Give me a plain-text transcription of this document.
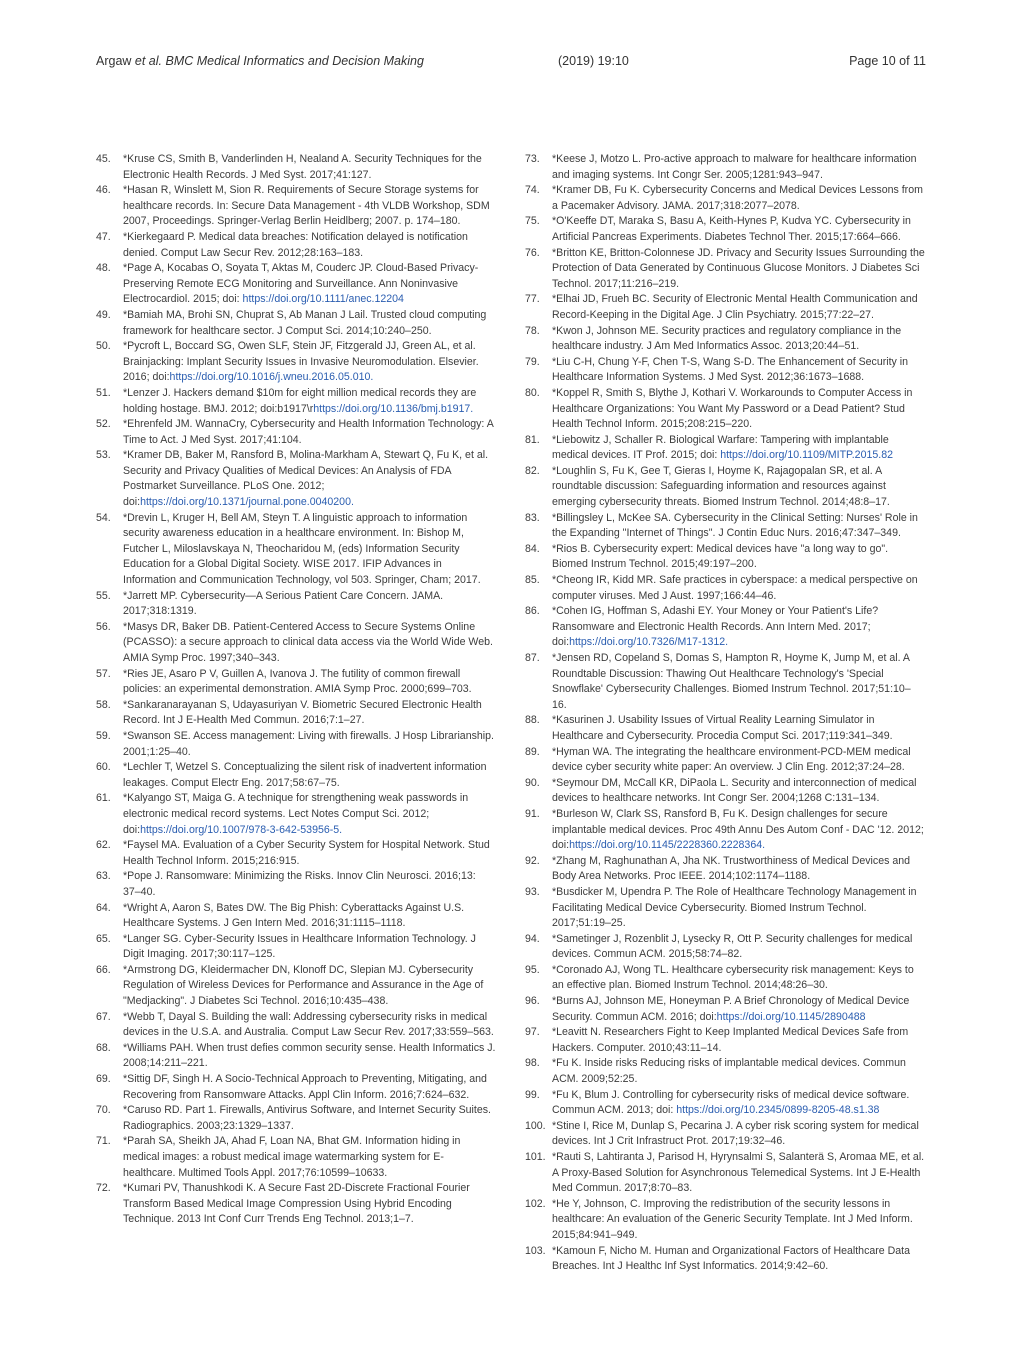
Argaw et al. BMC Medical Informatics and Decision Making	(2019) 19:10	Page 10 of 11
45.	*Kruse CS, Smith B, Vanderlinden H, Nealand A. Security Techniques for the Electronic Health Records. J Med Syst. 2017;41:127.
46.	*Hasan R, Winslett M, Sion R. Requirements of Secure Storage systems for healthcare records. In: Secure Data Management - 4th VLDB Workshop, SDM 2007, Proceedings. Springer-Verlag Berlin Heidlberg; 2007. p. 174–180.
47.	*Kierkegaard P. Medical data breaches: Notification delayed is notification denied. Comput Law Secur Rev. 2012;28:163–183.
48.	*Page A, Kocabas O, Soyata T, Aktas M, Couderc JP. Cloud-Based Privacy-Preserving Remote ECG Monitoring and Surveillance. Ann Noninvasive Electrocardiol. 2015; doi: https://doi.org/10.1111/anec.12204
49.	*Bamiah MA, Brohi SN, Chuprat S, Ab Manan J Lail. Trusted cloud computing framework for healthcare sector. J Comput Sci. 2014;10:240–250.
50.	*Pycroft L, Boccard SG, Owen SLF, Stein JF, Fitzgerald JJ, Green AL, et al. Brainjacking: Implant Security Issues in Invasive Neuromodulation. Elsevier. 2016; doi:https://doi.org/10.1016/j.wneu.2016.05.010.
51.	*Lenzer J. Hackers demand $10m for eight million medical records they are holding hostage. BMJ. 2012; doi:b1917\rhttps://doi.org/10.1136/bmj.b1917.
52.	*Ehrenfeld JM. WannaCry, Cybersecurity and Health Information Technology: A Time to Act. J Med Syst. 2017;41:104.
53.	*Kramer DB, Baker M, Ransford B, Molina-Markham A, Stewart Q, Fu K, et al. Security and Privacy Qualities of Medical Devices: An Analysis of FDA Postmarket Surveillance. PLoS One. 2012; doi:https://doi.org/10.1371/journal.pone.0040200.
54.	*Drevin L, Kruger H, Bell AM, Steyn T. A linguistic approach to information security awareness education in a healthcare environment. In: Bishop M, Futcher L, Miloslavskaya N, Theocharidou M, (eds) Information Security Education for a Global Digital Society. WISE 2017. IFIP Advances in Information and Communication Technology, vol 503. Springer, Cham; 2017.
55.	*Jarrett MP. Cybersecurity—A Serious Patient Care Concern. JAMA. 2017;318:1319.
56.	*Masys DR, Baker DB. Patient-Centered Access to Secure Systems Online (PCASSO): a secure approach to clinical data access via the World Wide Web. AMIA Symp Proc. 1997;340–343.
57.	*Ries JE, Asaro P V, Guillen A, Ivanova J. The futility of common firewall policies: an experimental demonstration. AMIA Symp Proc. 2000;699–703.
58.	*Sankaranarayanan S, Udayasuriyan V. Biometric Secured Electronic Health Record. Int J E-Health Med Commun. 2016;7:1–27.
59.	*Swanson SE. Access management: Living with firewalls. J Hosp Librarianship. 2001;1:25–40.
60.	*Lechler T, Wetzel S. Conceptualizing the silent risk of inadvertent information leakages. Comput Electr Eng. 2017;58:67–75.
61.	*Kalyango ST, Maiga G. A technique for strengthening weak passwords in electronic medical record systems. Lect Notes Comput Sci. 2012; doi:https://doi.org/10.1007/978-3-642-53956-5.
62.	*Faysel MA. Evaluation of a Cyber Security System for Hospital Network. Stud Health Technol Inform. 2015;216:915.
63.	*Pope J. Ransomware: Minimizing the Risks. Innov Clin Neurosci. 2016;13: 37–40.
64.	*Wright A, Aaron S, Bates DW. The Big Phish: Cyberattacks Against U.S. Healthcare Systems. J Gen Intern Med. 2016;31:1115–1118.
65.	*Langer SG. Cyber-Security Issues in Healthcare Information Technology. J Digit Imaging. 2017;30:117–125.
66.	*Armstrong DG, Kleidermacher DN, Klonoff DC, Slepian MJ. Cybersecurity Regulation of Wireless Devices for Performance and Assurance in the Age of "Medjacking". J Diabetes Sci Technol. 2016;10:435–438.
67.	*Webb T, Dayal S. Building the wall: Addressing cybersecurity risks in medical devices in the U.S.A. and Australia. Comput Law Secur Rev. 2017;33:559–563.
68.	*Williams PAH. When trust defies common security sense. Health Informatics J. 2008;14:211–221.
69.	*Sittig DF, Singh H. A Socio-Technical Approach to Preventing, Mitigating, and Recovering from Ransomware Attacks. Appl Clin Inform. 2016;7:624–632.
70.	*Caruso RD. Part 1. Firewalls, Antivirus Software, and Internet Security Suites. Radiographics. 2003;23:1329–1337.
71.	*Parah SA, Sheikh JA, Ahad F, Loan NA, Bhat GM. Information hiding in medical images: a robust medical image watermarking system for E-healthcare. Multimed Tools Appl. 2017;76:10599–10633.
72.	*Kumari PV, Thanushkodi K. A Secure Fast 2D-Discrete Fractional Fourier Transform Based Medical Image Compression Using Hybrid Encoding Technique. 2013 Int Conf Curr Trends Eng Technol. 2013;1–7.
73.	*Keese J, Motzo L. Pro-active approach to malware for healthcare information and imaging systems. Int Congr Ser. 2005;1281:943–947.
74.	*Kramer DB, Fu K. Cybersecurity Concerns and Medical Devices Lessons from a Pacemaker Advisory. JAMA. 2017;318:2077–2078.
75.	*O'Keeffe DT, Maraka S, Basu A, Keith-Hynes P, Kudva YC. Cybersecurity in Artificial Pancreas Experiments. Diabetes Technol Ther. 2015;17:664–666.
76.	*Britton KE, Britton-Colonnese JD. Privacy and Security Issues Surrounding the Protection of Data Generated by Continuous Glucose Monitors. J Diabetes Sci Technol. 2017;11:216–219.
77.	*Elhai JD, Frueh BC. Security of Electronic Mental Health Communication and Record-Keeping in the Digital Age. J Clin Psychiatry. 2015;77:22–27.
78.	*Kwon J, Johnson ME. Security practices and regulatory compliance in the healthcare industry. J Am Med Informatics Assoc. 2013;20:44–51.
79.	*Liu C-H, Chung Y-F, Chen T-S, Wang S-D. The Enhancement of Security in Healthcare Information Systems. J Med Syst. 2012;36:1673–1688.
80.	*Koppel R, Smith S, Blythe J, Kothari V. Workarounds to Computer Access in Healthcare Organizations: You Want My Password or a Dead Patient? Stud Health Technol Inform. 2015;208:215–220.
81.	*Liebowitz J, Schaller R. Biological Warfare: Tampering with implantable medical devices. IT Prof. 2015; doi: https://doi.org/10.1109/MITP.2015.82
82.	*Loughlin S, Fu K, Gee T, Gieras I, Hoyme K, Rajagopalan SR, et al. A roundtable discussion: Safeguarding information and resources against emerging cybersecurity threats. Biomed Instrum Technol. 2014;48:8–17.
83.	*Billingsley L, McKee SA. Cybersecurity in the Clinical Setting: Nurses' Role in the Expanding "Internet of Things". J Contin Educ Nurs. 2016;47:347–349.
84.	*Rios B. Cybersecurity expert: Medical devices have "a long way to go". Biomed Instrum Technol. 2015;49:197–200.
85.	*Cheong IR, Kidd MR. Safe practices in cyberspace: a medical perspective on computer viruses. Med J Aust. 1997;166:44–46.
86.	*Cohen IG, Hoffman S, Adashi EY. Your Money or Your Patient's Life? Ransomware and Electronic Health Records. Ann Intern Med. 2017; doi:https://doi.org/10.7326/M17-1312.
87.	*Jensen RD, Copeland S, Domas S, Hampton R, Hoyme K, Jump M, et al. A Roundtable Discussion: Thawing Out Healthcare Technology's 'Special Snowflake' Cybersecurity Challenges. Biomed Instrum Technol. 2017;51:10–16.
88.	*Kasurinen J. Usability Issues of Virtual Reality Learning Simulator in Healthcare and Cybersecurity. Procedia Comput Sci. 2017;119:341–349.
89.	*Hyman WA. The integrating the healthcare environment-PCD-MEM medical device cyber security white paper: An overview. J Clin Eng. 2012;37:24–28.
90.	*Seymour DM, McCall KR, DiPaola L. Security and interconnection of medical devices to healthcare networks. Int Congr Ser. 2004;1268 C:131–134.
91.	*Burleson W, Clark SS, Ransford B, Fu K. Design challenges for secure implantable medical devices. Proc 49th Annu Des Autom Conf - DAC '12. 2012; doi:https://doi.org/10.1145/2228360.2228364.
92.	*Zhang M, Raghunathan A, Jha NK. Trustworthiness of Medical Devices and Body Area Networks. Proc IEEE. 2014;102:1174–1188.
93.	*Busdicker M, Upendra P. The Role of Healthcare Technology Management in Facilitating Medical Device Cybersecurity. Biomed Instrum Technol. 2017;51:19–25.
94.	*Sametinger J, Rozenblit J, Lysecky R, Ott P. Security challenges for medical devices. Commun ACM. 2015;58:74–82.
95.	*Coronado AJ, Wong TL. Healthcare cybersecurity risk management: Keys to an effective plan. Biomed Instrum Technol. 2014;48:26–30.
96.	*Burns AJ, Johnson ME, Honeyman P. A Brief Chronology of Medical Device Security. Commun ACM. 2016; doi:https://doi.org/10.1145/2890488
97.	*Leavitt N. Researchers Fight to Keep Implanted Medical Devices Safe from Hackers. Computer. 2010;43:11–14.
98.	*Fu K. Inside risks Reducing risks of implantable medical devices. Commun ACM. 2009;52:25.
99.	*Fu K, Blum J. Controlling for cybersecurity risks of medical device software. Commun ACM. 2013; doi: https://doi.org/10.2345/0899-8205-48.s1.38
100. *Stine I, Rice M, Dunlap S, Pecarina J. A cyber risk scoring system for medical devices. Int J Crit Infrastruct Prot. 2017;19:32–46.
101. *Rauti S, Lahtiranta J, Parisod H, Hyrynsalmi S, Salanterä S, Aromaa ME, et al. A Proxy-Based Solution for Asynchronous Telemedical Systems. Int J E-Health Med Commun. 2017;8:70–83.
102. *He Y, Johnson, C. Improving the redistribution of the security lessons in healthcare: An evaluation of the Generic Security Template. Int J Med Inform. 2015;84:941–949.
103. *Kamoun F, Nicho M. Human and Organizational Factors of Healthcare Data Breaches. Int J Healthc Inf Syst Informatics. 2014;9:42–60.
